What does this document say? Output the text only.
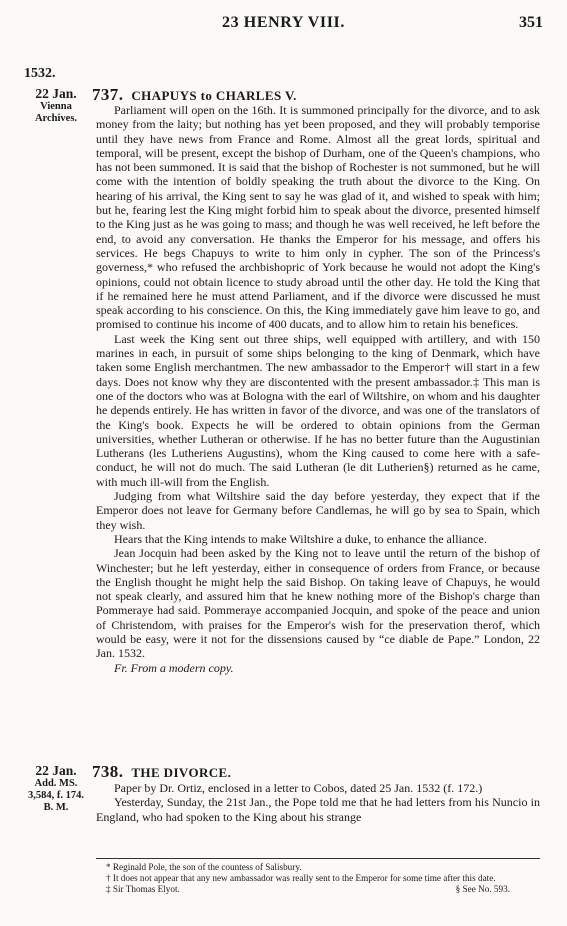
23 HENRY VIII.	351
1532.
22 Jan.
Vienna
Archives.
737. CHAPUYS to CHARLES V.

Parliament will open on the 16th. It is summoned principally for the divorce, and to ask money from the laity; but nothing has yet been proposed, and they will probably temporise until they have news from France and Rome. Almost all the great lords, spiritual and temporal, will be present, except the bishop of Durham, one of the Queen's champions, who has not been summoned. It is said that the bishop of Rochester is not summoned, but he will come with the intention of boldly speaking the truth about the divorce to the King. On hearing of his arrival, the King sent to say he was glad of it, and wished to speak with him; but he, fearing lest the King might forbid him to speak about the divorce, presented himself to the King just as he was going to mass; and though he was well received, he left before the end, to avoid any conversation. He thanks the Emperor for his message, and offers his services. He begs Chapuys to write to him only in cypher. The son of the Princess's governess,* who refused the archbishopric of York because he would not adopt the King's opinions, could not obtain licence to study abroad until the other day. He told the King that if he remained here he must attend Parliament, and if the divorce were discussed he must speak according to his conscience. On this, the King immediately gave him leave to go, and promised to continue his income of 400 ducats, and to allow him to retain his benefices.

Last week the King sent out three ships, well equipped with artillery, and with 150 marines in each, in pursuit of some ships belonging to the king of Denmark, which have taken some English merchantmen. The new ambassador to the Emperor† will start in a few days. Does not know why they are discontented with the present ambassador.‡ This man is one of the doctors who was at Bologna with the earl of Wiltshire, on whom and his daughter he depends entirely. He has written in favor of the divorce, and was one of the translators of the King's book. Expects he will be ordered to obtain opinions from the German universities, whether Lutheran or otherwise. If he has no better future than the Augustinian Lutherans (les Lutheriens Augustins), whom the King caused to come here with a safe-conduct, he will not do much. The said Lutheran (le dit Lutherien§) returned as he came, with much ill-will from the English.

Judging from what Wiltshire said the day before yesterday, they expect that if the Emperor does not leave for Germany before Candlemas, he will go by sea to Spain, which they wish.

Hears that the King intends to make Wiltshire a duke, to enhance the alliance.

Jean Jocquin had been asked by the King not to leave until the return of the bishop of Winchester; but he left yesterday, either in consequence of orders from France, or because the English thought he might help the said Bishop. On taking leave of Chapuys, he would not speak clearly, and assured him that he knew nothing more of the Bishop's charge than Pommeraye had said. Pommeraye accompanied Jocquin, and spoke of the peace and union of Christendom, with praises for the Emperor's wish for the preservation therof, which would be easy, were it not for the dissensions caused by “ce diable de Pape.” London, 22 Jan. 1532.

Fr. From a modern copy.
22 Jan.
Add. MS.
3,584, f. 174.
B. M.
738. THE DIVORCE.

Paper by Dr. Ortiz, enclosed in a letter to Cobos, dated 25 Jan. 1532 (f. 172.)

Yesterday, Sunday, the 21st Jan., the Pope told me that he had letters from his Nuncio in England, who had spoken to the King about his strange

* Reginald Pole, the son of the countess of Salisbury.
† It does not appear that any new ambassador was really sent to the Emperor for some time after this date.
‡ Sir Thomas Elyot.	§ See No. 593.
